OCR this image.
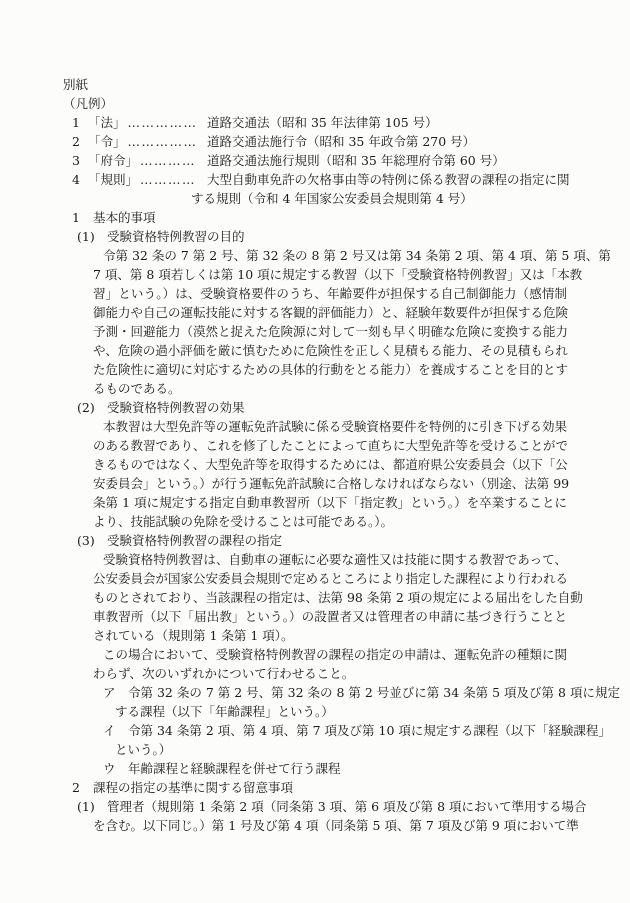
別紙
（凡例）
1 「法」 …………… 道路交通法（昭和 35 年法律第 105 号）
2 「令」 …………… 道路交通法施行令（昭和 35 年政令第 270 号）
3 「府令」 ………… 道路交通法施行規則（昭和 35 年総理府令第 60 号）
4 「規則」 ………… 大型自動車免許の欠格事由等の特例に係る教習の課程の指定に関
する規則（令和 4 年国家公安委員会規則第 4 号）
1 基本的事項
(1) 受験資格特例教習の目的
令第 32 条の 7 第 2 号、第 32 条の 8 第 2 号又は第 34 条第 2 項、第 4 項、第 5 項、第
7 項、第 8 項若しくは第 10 項に規定する教習（以下「受験資格特例教習」又は「本教
習」という。）は、受験資格要件のうち、年齢要件が担保する自己制御能力（感情制
御能力や自己の運転技能に対する客観的評価能力）と、経験年数要件が担保する危険
予測・回避能力（漠然と捉えた危険源に対して一刻も早く明確な危険に変換する能力
や、危険の過小評価を厳に慎むために危険性を正しく見積もる能力、その見積もられ
た危険性に適切に対応するための具体的行動をとる能力）を養成することを目的とす
るものである。
(2) 受験資格特例教習の効果
本教習は大型免許等の運転免許試験に係る受験資格要件を特例的に引き下げる効果
のある教習であり、これを修了したことによって直ちに大型免許等を受けることがで
きるものではなく、大型免許等を取得するためには、都道府県公安委員会（以下「公
安委員会」という。）が行う運転免許試験に合格しなければならない（別途、法第 99
条第 1 項に規定する指定自動車教習所（以下「指定教」という。）を卒業することに
より、技能試験の免除を受けることは可能である。）。
(3) 受験資格特例教習の課程の指定
受験資格特例教習は、自動車の運転に必要な適性又は技能に関する教習であって、
公安委員会が国家公安委員会規則で定めるところにより指定した課程により行われる
ものとされており、当該課程の指定は、法第 98 条第 2 項の規定による届出をした自動
車教習所（以下「届出教」という。）の設置者又は管理者の申請に基づき行うことと
されている（規則第 1 条第 1 項）。
この場合において、受験資格特例教習の課程の指定の申請は、運転免許の種類に関
わらず、次のいずれかについて行わせること。
ア 令第 32 条の 7 第 2 号、第 32 条の 8 第 2 号並びに第 34 条第 5 項及び第 8 項に規定
する課程（以下「年齢課程」という。）
イ 令第 34 条第 2 項、第 4 項、第 7 項及び第 10 項に規定する課程（以下「経験課程」
という。）
ウ 年齢課程と経験課程を併せて行う課程
2 課程の指定の基準に関する留意事項
(1) 管理者（規則第 1 条第 2 項（同条第 3 項、第 6 項及び第 8 項において準用する場合
を含む。以下同じ。）第 1 号及び第 4 項（同条第 5 項、第 7 項及び第 9 項において準
